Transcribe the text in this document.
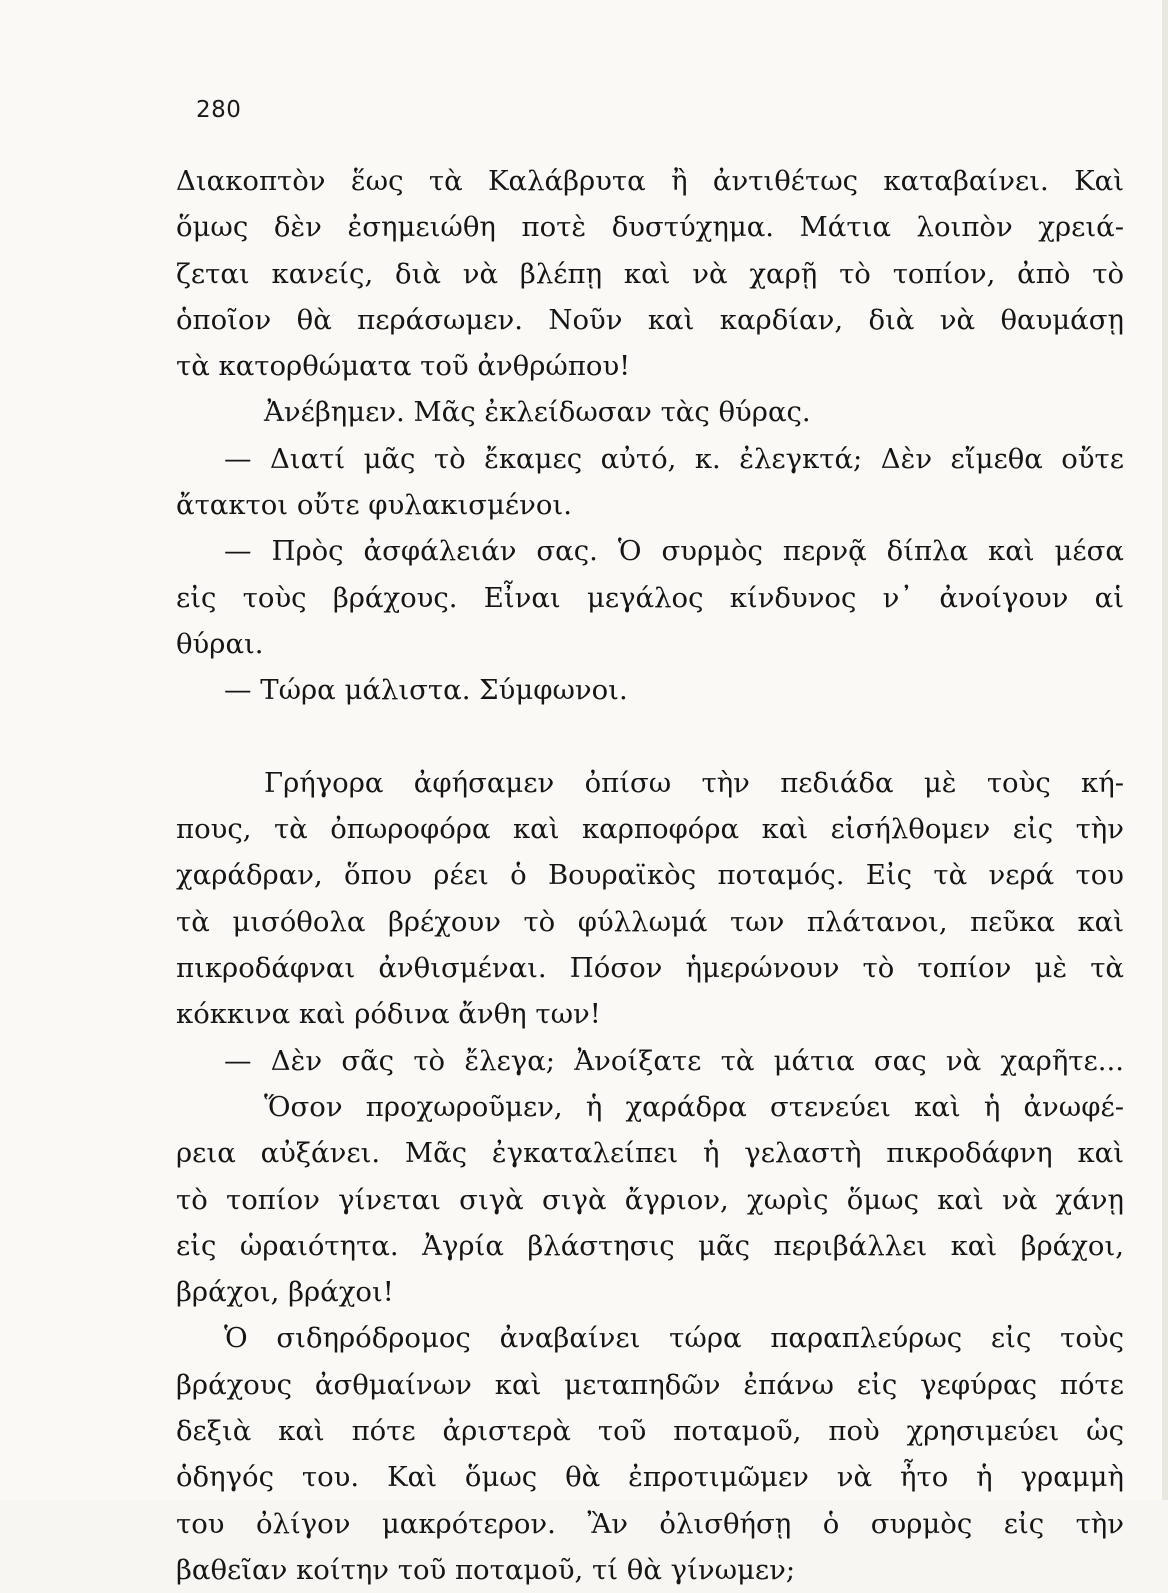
280
Διακοπτὸν ἕως τὰ Καλάβρυτα ἢ ἀντιθέτως καταβαίνει. Καὶ
ὅμως δὲν ἐσημειώθη ποτὲ δυστύχημα. Μάτια λοιπὸν χρειά-
ζεται κανείς, διὰ νὰ βλέπῃ καὶ νὰ χαρῇ τὸ τοπίον, ἀπὸ τὸ
ὁποῖον θὰ περάσωμεν. Νοῦν καὶ καρδίαν, διὰ νὰ θαυμάσῃ
τὰ κατορθώματα τοῦ ἀνθρώπου!
Ἀνέβημεν. Μᾶς ἐκλείδωσαν τὰς θύρας.
— Διατί μᾶς τὸ ἔκαμες αὐτό, κ. ἐλεγκτά; Δὲν εἴμεθα οὔτε
ἄτακτοι οὔτε φυλακισμένοι.
— Πρὸς ἀσφάλειάν σας. Ὁ συρμὸς περνᾷ δίπλα καὶ μέσα
εἰς τοὺς βράχους. Εἶναι μεγάλος κίνδυνος ν᾽ ἀνοίγουν αἱ
θύραι.
— Τώρα μάλιστα. Σύμφωνοι.
Γρήγορα ἀφήσαμεν ὀπίσω τὴν πεδιάδα μὲ τοὺς κή-
πους, τὰ ὀπωροφόρα καὶ καρποφόρα καὶ εἰσήλθομεν εἰς τὴν
χαράδραν, ὅπου ρέει ὁ Βουραϊκὸς ποταμός. Εἰς τὰ νερά του
τὰ μισόθολα βρέχουν τὸ φύλλωμά των πλάτανοι, πεῦκα καὶ
πικροδάφναι ἀνθισμέναι. Πόσον ἡμερώνουν τὸ τοπίον μὲ τὰ
κόκκινα καὶ ρόδινα ἄνθη των!
— Δὲν σᾶς τὸ ἔλεγα; Ἀνοίξατε τὰ μάτια σας νὰ χαρῆτε...
Ὅσον προχωροῦμεν, ἡ χαράδρα στενεύει καὶ ἡ ἀνωφέ-
ρεια αὐξάνει. Μᾶς ἐγκαταλείπει ἡ γελαστὴ πικροδάφνη καὶ
τὸ τοπίον γίνεται σιγὰ σιγὰ ἄγριον, χωρὶς ὅμως καὶ νὰ χάνῃ
εἰς ὡραιότητα. Ἀγρία βλάστησις μᾶς περιβάλλει καὶ βράχοι,
βράχοι, βράχοι!
Ὁ σιδηρόδρομος ἀναβαίνει τώρα παραπλεύρως εἰς τοὺς
βράχους ἀσθμαίνων καὶ μεταπηδῶν ἐπάνω εἰς γεφύρας πότε
δεξιὰ καὶ πότε ἀριστερὰ τοῦ ποταμοῦ, ποὺ χρησιμεύει ὡς
ὁδηγός του. Καὶ ὅμως θὰ ἐπροτιμῶμεν νὰ ἦτο ἡ γραμμὴ
του ὀλίγον μακρότερον. Ἂν ὀλισθήσῃ ὁ συρμὸς εἰς τὴν
βαθεῖαν κοίτην τοῦ ποταμοῦ, τί θὰ γίνωμεν;
